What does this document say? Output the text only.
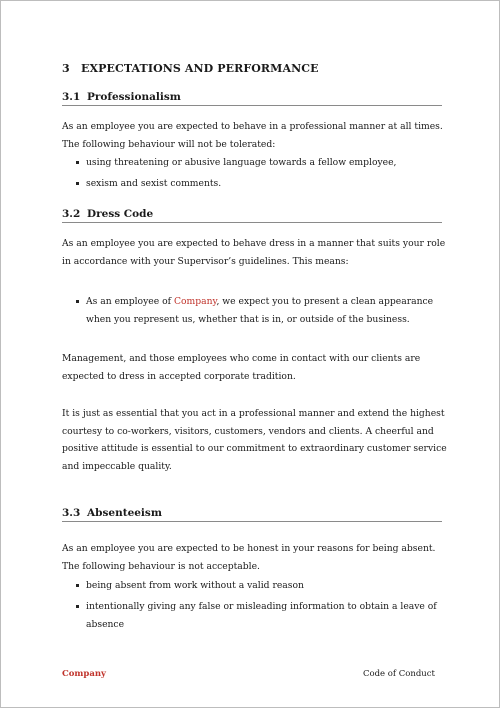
3 EXPECTATIONS AND PERFORMANCE
3.1 Professionalism
As an employee you are expected to behave in a professional manner at all times. The following behaviour will not be tolerated:
using threatening or abusive language towards a fellow employee,
sexism and sexist comments.
3.2 Dress Code
As an employee you are expected to behave dress in a manner that suits your role in accordance with your Supervisor’s guidelines. This means:
As an employee of Company, we expect you to present a clean appearance when you represent us, whether that is in, or outside of the business.
Management, and those employees who come in contact with our clients are expected to dress in accepted corporate tradition.
It is just as essential that you act in a professional manner and extend the highest courtesy to co-workers, visitors, customers, vendors and clients. A cheerful and positive attitude is essential to our commitment to extraordinary customer service and impeccable quality.
3.3 Absenteeism
As an employee you are expected to be honest in your reasons for being absent. The following behaviour is not acceptable.
being absent from work without a valid reason
intentionally giving any false or misleading information to obtain a leave of absence
Company	Code of Conduct
